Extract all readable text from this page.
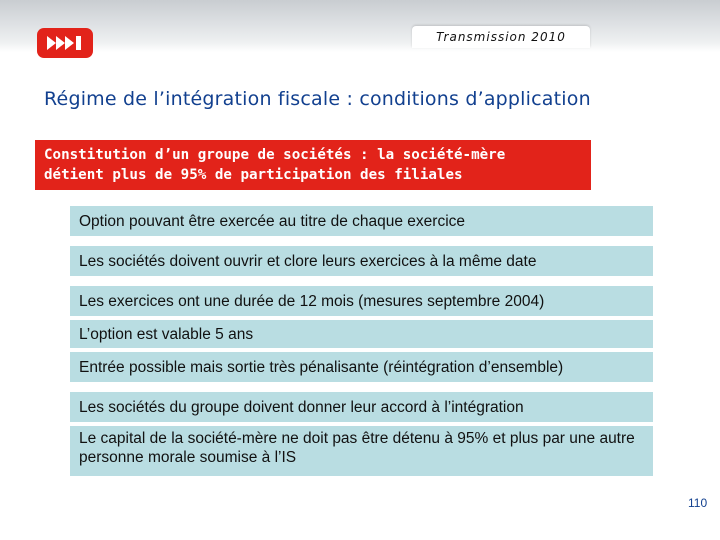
Transmission 2010
Régime de l’intégration fiscale : conditions d’application
Constitution d’un groupe de sociétés : la société-mère
détient plus de 95% de participation des filiales
Option pouvant être exercée au titre de chaque exercice
Les sociétés doivent ouvrir et clore leurs exercices à la même date
Les exercices ont une durée de 12 mois (mesures septembre 2004)
L’option est valable 5 ans
Entrée possible mais sortie très pénalisante (réintégration d’ensemble)
Les sociétés du groupe doivent donner leur accord à l’intégration
Le capital de la société-mère ne doit pas être détenu à 95% et plus par une autre personne morale soumise à l’IS
110
